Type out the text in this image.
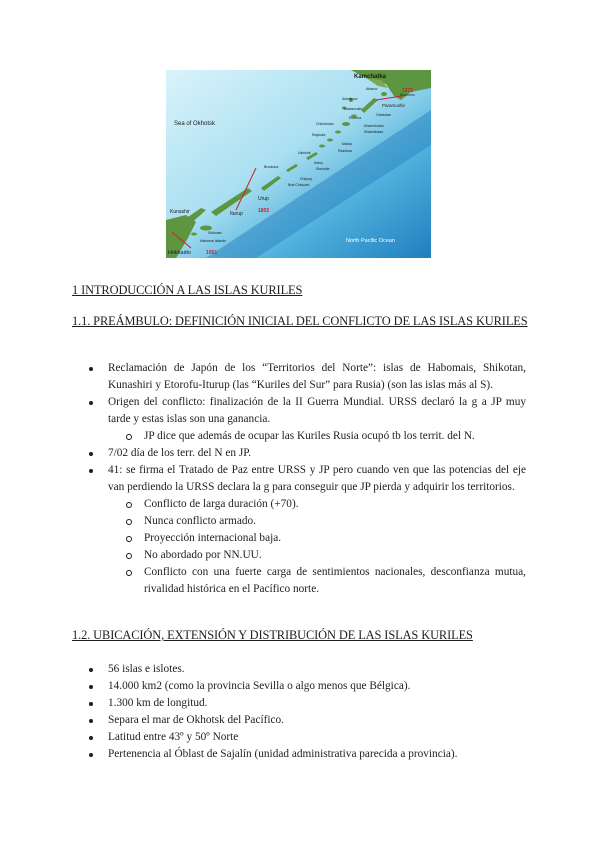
Kamchatka
Sea of Okhotsk
North Pacific Ocean
Hokkaido
Kunashir	Iturup
Urup
Shikotan
Habomai islands
Paramushir
Shumshu
Atlasov
Antsiferov
Makanrushi
Onekotan
Ekarma
Chirinkotan	Kharimkotan
Shiashkotan
Raykoke
Matua
Rasshua
Ushishir
Ketoy
Simushir
Chirpoy
Brat Chirpoev
Broutona
1875
1855
1951
1 INTRODUCCIÓN A LAS ISLAS KURILES
1.1. PREÁMBULO: DEFINICIÓN INICIAL DEL CONFLICTO DE LAS ISLAS KURILES
Reclamación de Japón de los “Territorios del Norte”: islas de Habomais, Shikotan, Kunashiri y Etorofu-Iturup (las “Kuriles del Sur” para Rusia) (son las islas más al S).
Origen del conflicto: finalización de la II Guerra Mundial. URSS declaró la g a JP muy tarde y estas islas son una ganancia.
JP dice que además de ocupar las Kuriles Rusia ocupó tb los territ. del N.
7/02 día de los terr. del N en JP.
41: se firma el Tratado de Paz entre URSS y JP pero cuando ven que las potencias del eje van perdiendo la URSS declara la g para conseguir que JP pierda y adquirir los territorios.
Conflicto de larga duración (+70).
Nunca conflicto armado.
Proyección internacional baja.
No abordado por NN.UU.
Conflicto con una fuerte carga de sentimientos nacionales, desconfianza mutua, rivalidad histórica en el Pacífico norte.
1.2. UBICACIÓN, EXTENSIÓN Y DISTRIBUCIÓN DE LAS ISLAS KURILES
56 islas e islotes.
14.000 km2 (como la provincia Sevilla o algo menos que Bélgica).
1.300 km de longitud.
Separa el mar de Okhotsk del Pacífico.
Latitud entre 43º y 50º Norte
Pertenencia al Óblast de Sajalín (unidad administrativa parecida a provincia).
